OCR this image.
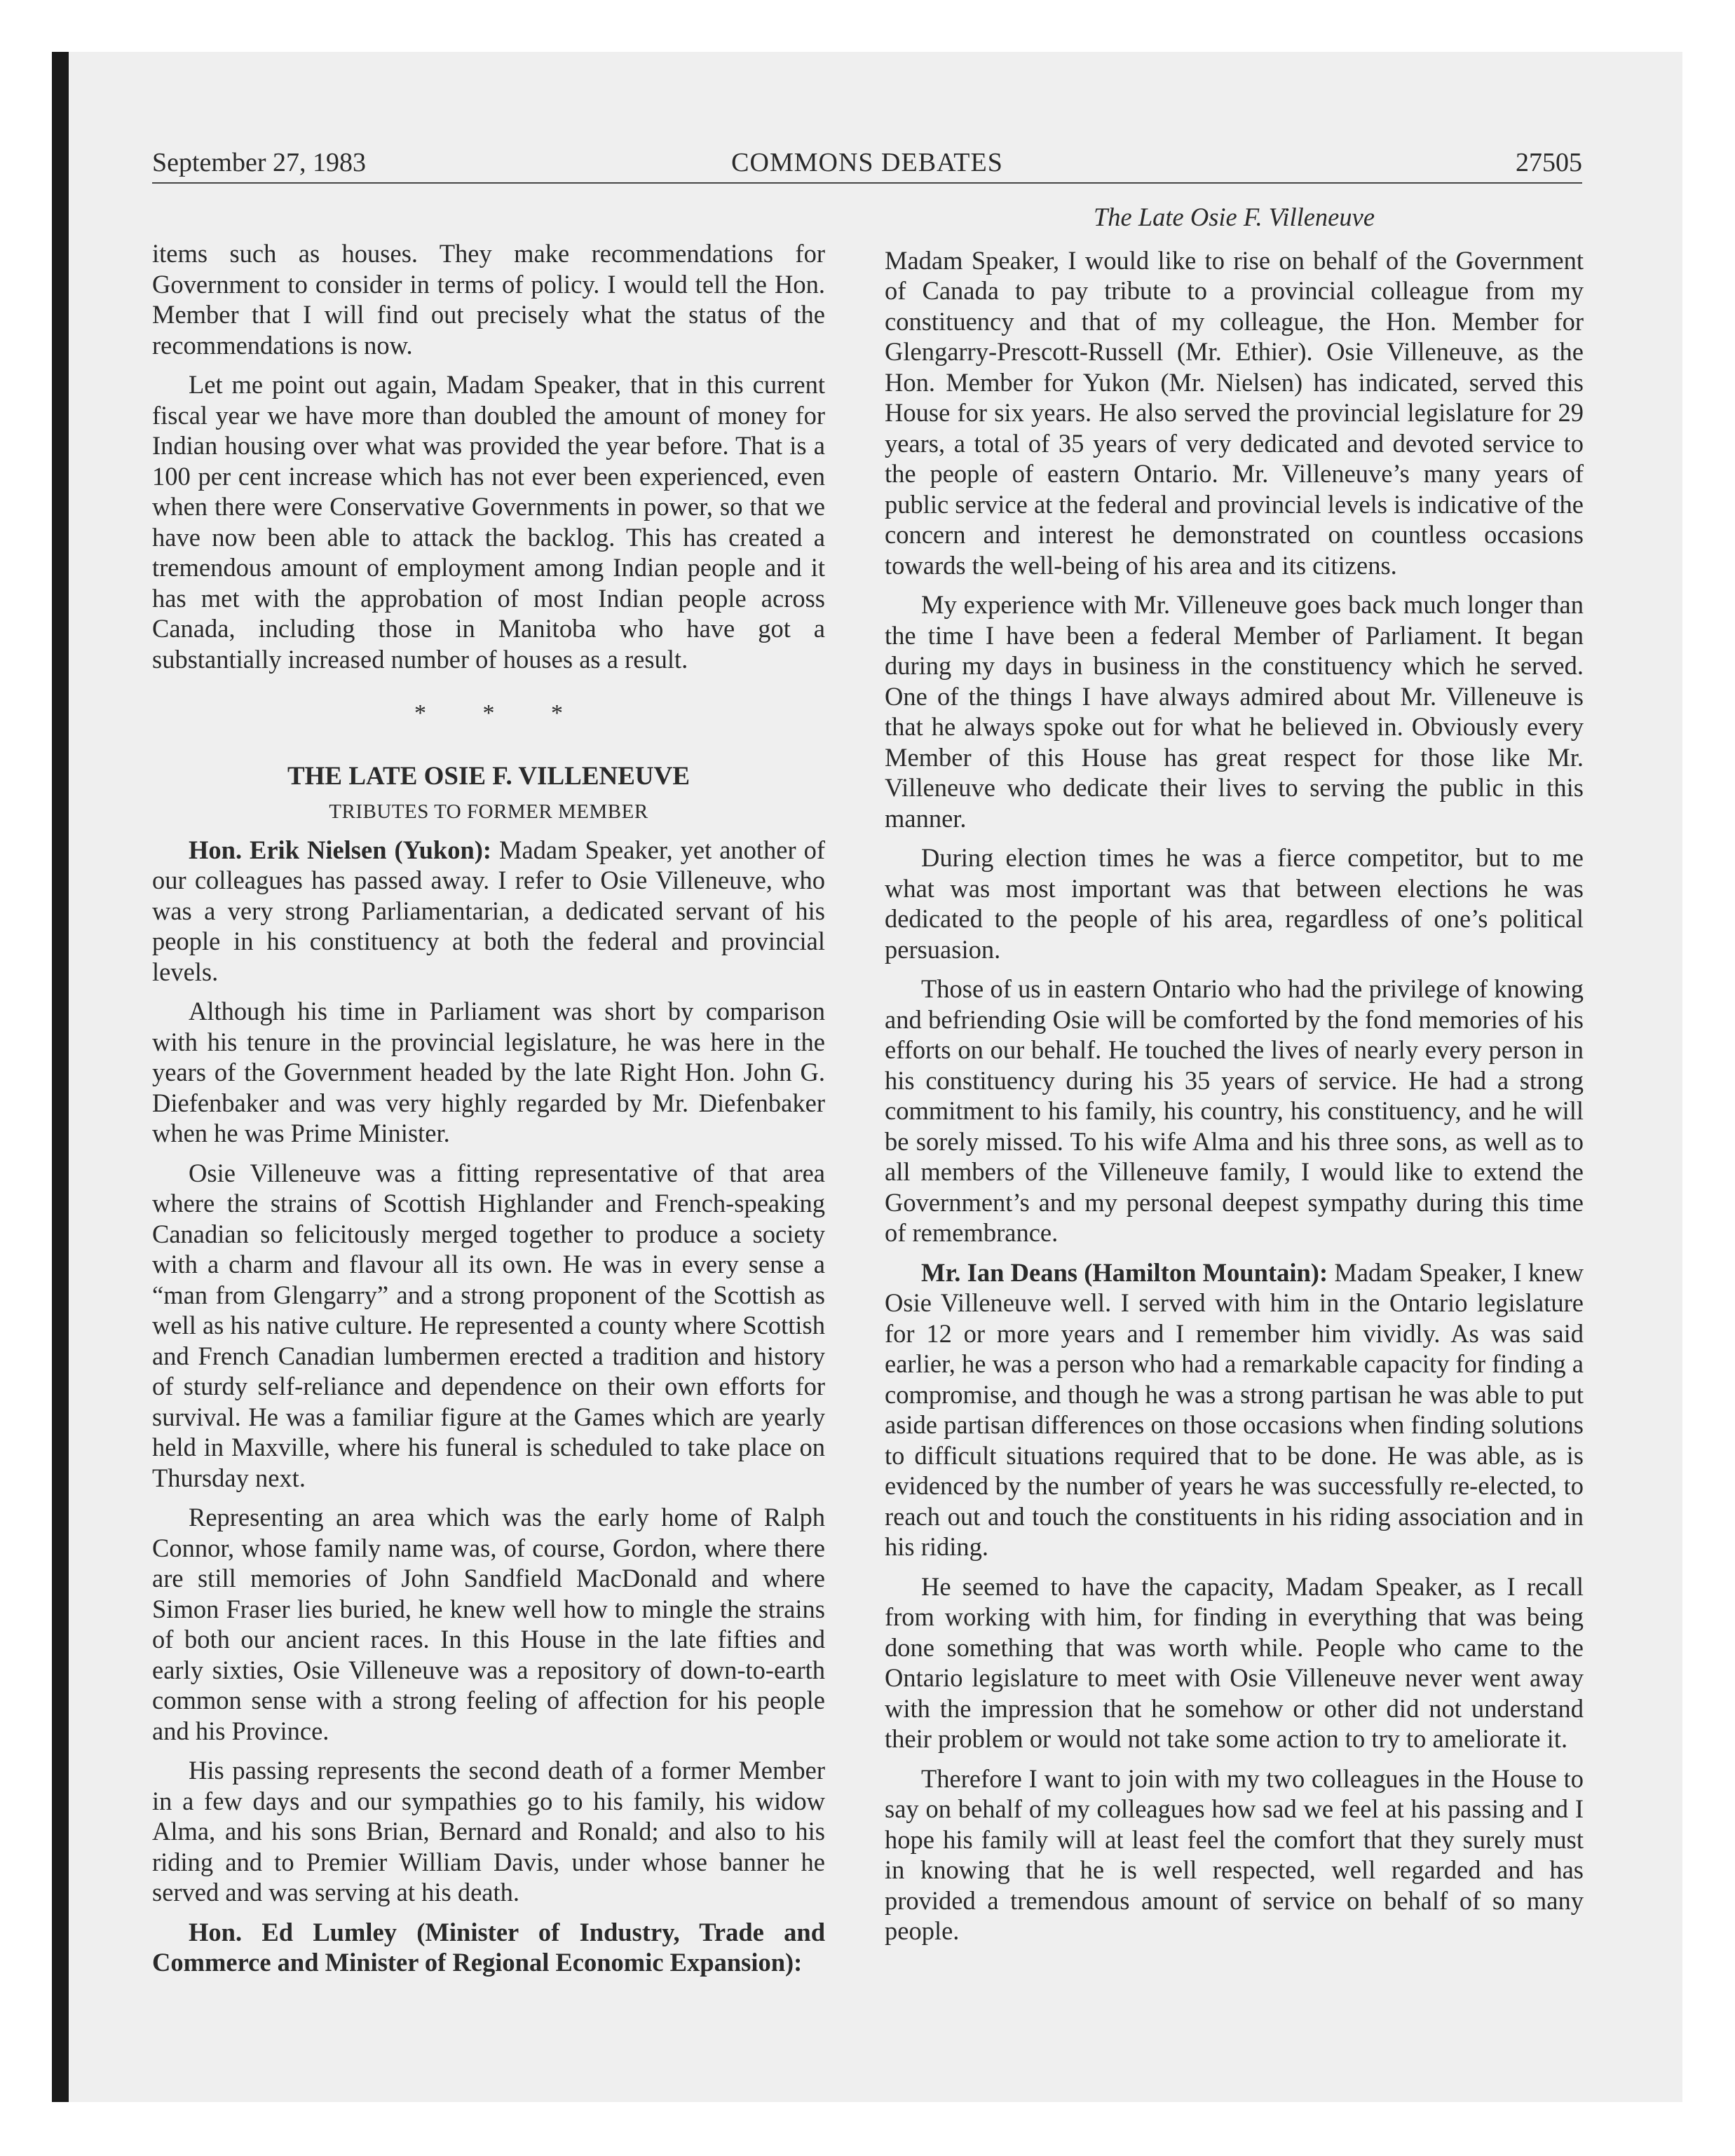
September 27, 1983	COMMONS DEBATES	27505

items such as houses. They make recommendations for Government to consider in terms of policy. I would tell the Hon. Member that I will find out precisely what the status of the recommendations is now.

Let me point out again, Madam Speaker, that in this current fiscal year we have more than doubled the amount of money for Indian housing over what was provided the year before. That is a 100 per cent increase which has not ever been experienced, even when there were Conservative Governments in power, so that we have now been able to attack the backlog. This has created a tremendous amount of employment among Indian people and it has met with the approbation of most Indian people across Canada, including those in Manitoba who have got a substantially increased number of houses as a result.

* * *
THE LATE OSIE F. VILLENEUVE
TRIBUTES TO FORMER MEMBER

Hon. Erik Nielsen (Yukon): Madam Speaker, yet another of our colleagues has passed away. I refer to Osie Villeneuve, who was a very strong Parliamentarian, a dedicated servant of his people in his constituency at both the federal and provincial levels.

Although his time in Parliament was short by comparison with his tenure in the provincial legislature, he was here in the years of the Government headed by the late Right Hon. John G. Diefenbaker and was very highly regarded by Mr. Diefenbaker when he was Prime Minister.

Osie Villeneuve was a fitting representative of that area where the strains of Scottish Highlander and French-speaking Canadian so felicitously merged together to produce a society with a charm and flavour all its own. He was in every sense a “man from Glengarry” and a strong proponent of the Scottish as well as his native culture. He represented a county where Scottish and French Canadian lumbermen erected a tradition and history of sturdy self-reliance and dependence on their own efforts for survival. He was a familiar figure at the Games which are yearly held in Maxville, where his funeral is scheduled to take place on Thursday next.

Representing an area which was the early home of Ralph Connor, whose family name was, of course, Gordon, where there are still memories of John Sandfield MacDonald and where Simon Fraser lies buried, he knew well how to mingle the strains of both our ancient races. In this House in the late fifties and early sixties, Osie Villeneuve was a repository of down-to-earth common sense with a strong feeling of affection for his people and his Province.

His passing represents the second death of a former Member in a few days and our sympathies go to his family, his widow Alma, and his sons Brian, Bernard and Ronald; and also to his riding and to Premier William Davis, under whose banner he served and was serving at his death.

Hon. Ed Lumley (Minister of Industry, Trade and Commerce and Minister of Regional Economic Expansion):

The Late Osie F. Villeneuve

Madam Speaker, I would like to rise on behalf of the Government of Canada to pay tribute to a provincial colleague from my constituency and that of my colleague, the Hon. Member for Glengarry-Prescott-Russell (Mr. Ethier). Osie Villeneuve, as the Hon. Member for Yukon (Mr. Nielsen) has indicated, served this House for six years. He also served the provincial legislature for 29 years, a total of 35 years of very dedicated and devoted service to the people of eastern Ontario. Mr. Villeneuve’s many years of public service at the federal and provincial levels is indicative of the concern and interest he demonstrated on countless occasions towards the well-being of his area and its citizens.

My experience with Mr. Villeneuve goes back much longer than the time I have been a federal Member of Parliament. It began during my days in business in the constituency which he served. One of the things I have always admired about Mr. Villeneuve is that he always spoke out for what he believed in. Obviously every Member of this House has great respect for those like Mr. Villeneuve who dedicate their lives to serving the public in this manner.

During election times he was a fierce competitor, but to me what was most important was that between elections he was dedicated to the people of his area, regardless of one’s political persuasion.

Those of us in eastern Ontario who had the privilege of knowing and befriending Osie will be comforted by the fond memories of his efforts on our behalf. He touched the lives of nearly every person in his constituency during his 35 years of service. He had a strong commitment to his family, his country, his constituency, and he will be sorely missed. To his wife Alma and his three sons, as well as to all members of the Villeneuve family, I would like to extend the Government’s and my personal deepest sympathy during this time of remembrance.

Mr. Ian Deans (Hamilton Mountain): Madam Speaker, I knew Osie Villeneuve well. I served with him in the Ontario legislature for 12 or more years and I remember him vividly. As was said earlier, he was a person who had a remarkable capacity for finding a compromise, and though he was a strong partisan he was able to put aside partisan differences on those occasions when finding solutions to difficult situations required that to be done. He was able, as is evidenced by the number of years he was successfully re-elected, to reach out and touch the constituents in his riding association and in his riding.

He seemed to have the capacity, Madam Speaker, as I recall from working with him, for finding in everything that was being done something that was worth while. People who came to the Ontario legislature to meet with Osie Villeneuve never went away with the impression that he somehow or other did not understand their problem or would not take some action to try to ameliorate it.

Therefore I want to join with my two colleagues in the House to say on behalf of my colleagues how sad we feel at his passing and I hope his family will at least feel the comfort that they surely must in knowing that he is well respected, well regarded and has provided a tremendous amount of service on behalf of so many people.
